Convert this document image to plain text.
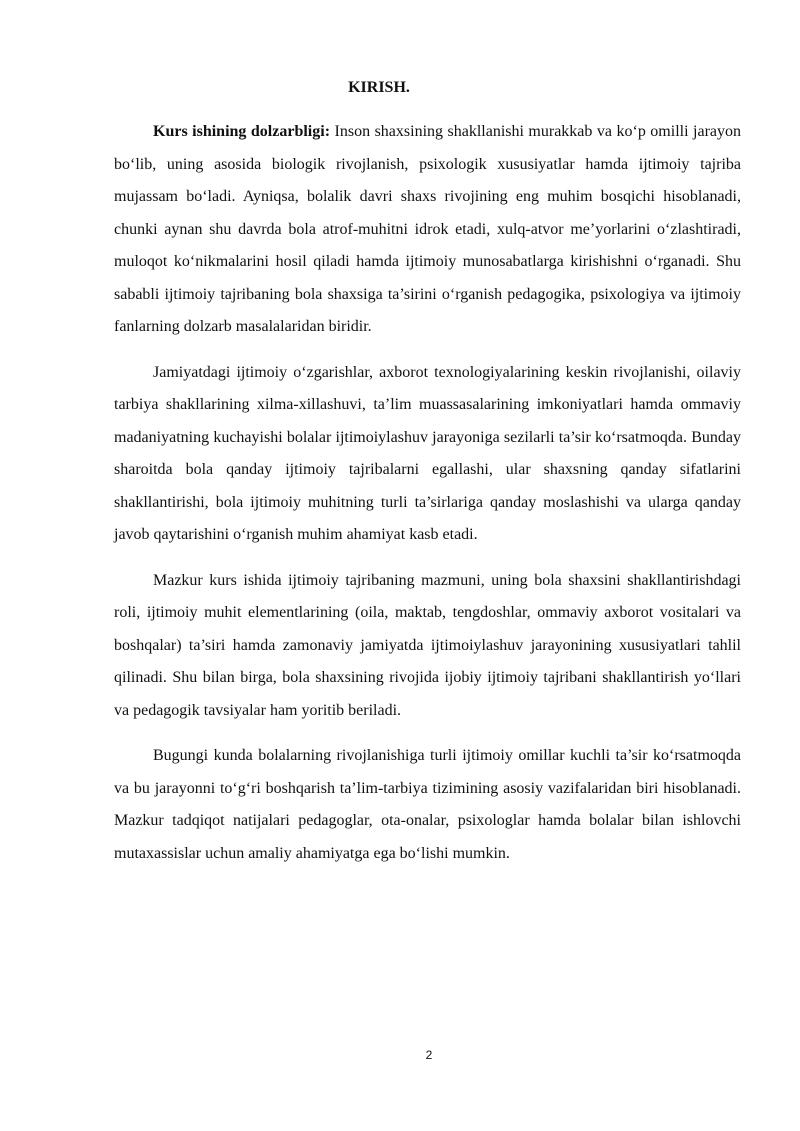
KIRISH.

Kurs ishining dolzarbligi: Inson shaxsining shakllanishi murakkab va ko‘p omilli jarayon bo‘lib, uning asosida biologik rivojlanish, psixologik xususiyatlar hamda ijtimoiy tajriba mujassam bo‘ladi. Ayniqsa, bolalik davri shaxs rivojining eng muhim bosqichi hisoblanadi, chunki aynan shu davrda bola atrof-muhitni idrok etadi, xulq-atvor me’yorlarini o‘zlashtiradi, muloqot ko‘nikmalarini hosil qiladi hamda ijtimoiy munosabatlarga kirishishni o‘rganadi. Shu sababli ijtimoiy tajribaning bola shaxsiga ta’sirini o‘rganish pedagogika, psixologiya va ijtimoiy fanlarning dolzarb masalalaridan biridir.

Jamiyatdagi ijtimoiy o‘zgarishlar, axborot texnologiyalarining keskin rivojlanishi, oilaviy tarbiya shakllarining xilma-xillashuvi, ta’lim muassasalarining imkoniyatlari hamda ommaviy madaniyatning kuchayishi bolalar ijtimoiylashuv jarayoniga sezilarli ta’sir ko‘rsatmoqda. Bunday sharoitda bola qanday ijtimoiy tajribalarni egallashi, ular shaxsning qanday sifatlarini shakllantirishi, bola ijtimoiy muhitning turli ta’sirlariga qanday moslashishi va ularga qanday javob qaytarishini o‘rganish muhim ahamiyat kasb etadi.

Mazkur kurs ishida ijtimoiy tajribaning mazmuni, uning bola shaxsini shakllantirishdagi roli, ijtimoiy muhit elementlarining (oila, maktab, tengdoshlar, ommaviy axborot vositalari va boshqalar) ta’siri hamda zamonaviy jamiyatda ijtimoiylashuv jarayonining xususiyatlari tahlil qilinadi. Shu bilan birga, bola shaxsining rivojida ijobiy ijtimoiy tajribani shakllantirish yo‘llari va pedagogik tavsiyalar ham yoritib beriladi.

Bugungi kunda bolalarning rivojlanishiga turli ijtimoiy omillar kuchli ta’sir ko‘rsatmoqda va bu jarayonni to‘g‘ri boshqarish ta’lim-tarbiya tizimining asosiy vazifalaridan biri hisoblanadi. Mazkur tadqiqot natijalari pedagoglar, ota-onalar, psixologlar hamda bolalar bilan ishlovchi mutaxassislar uchun amaliy ahamiyatga ega bo‘lishi mumkin.

2
